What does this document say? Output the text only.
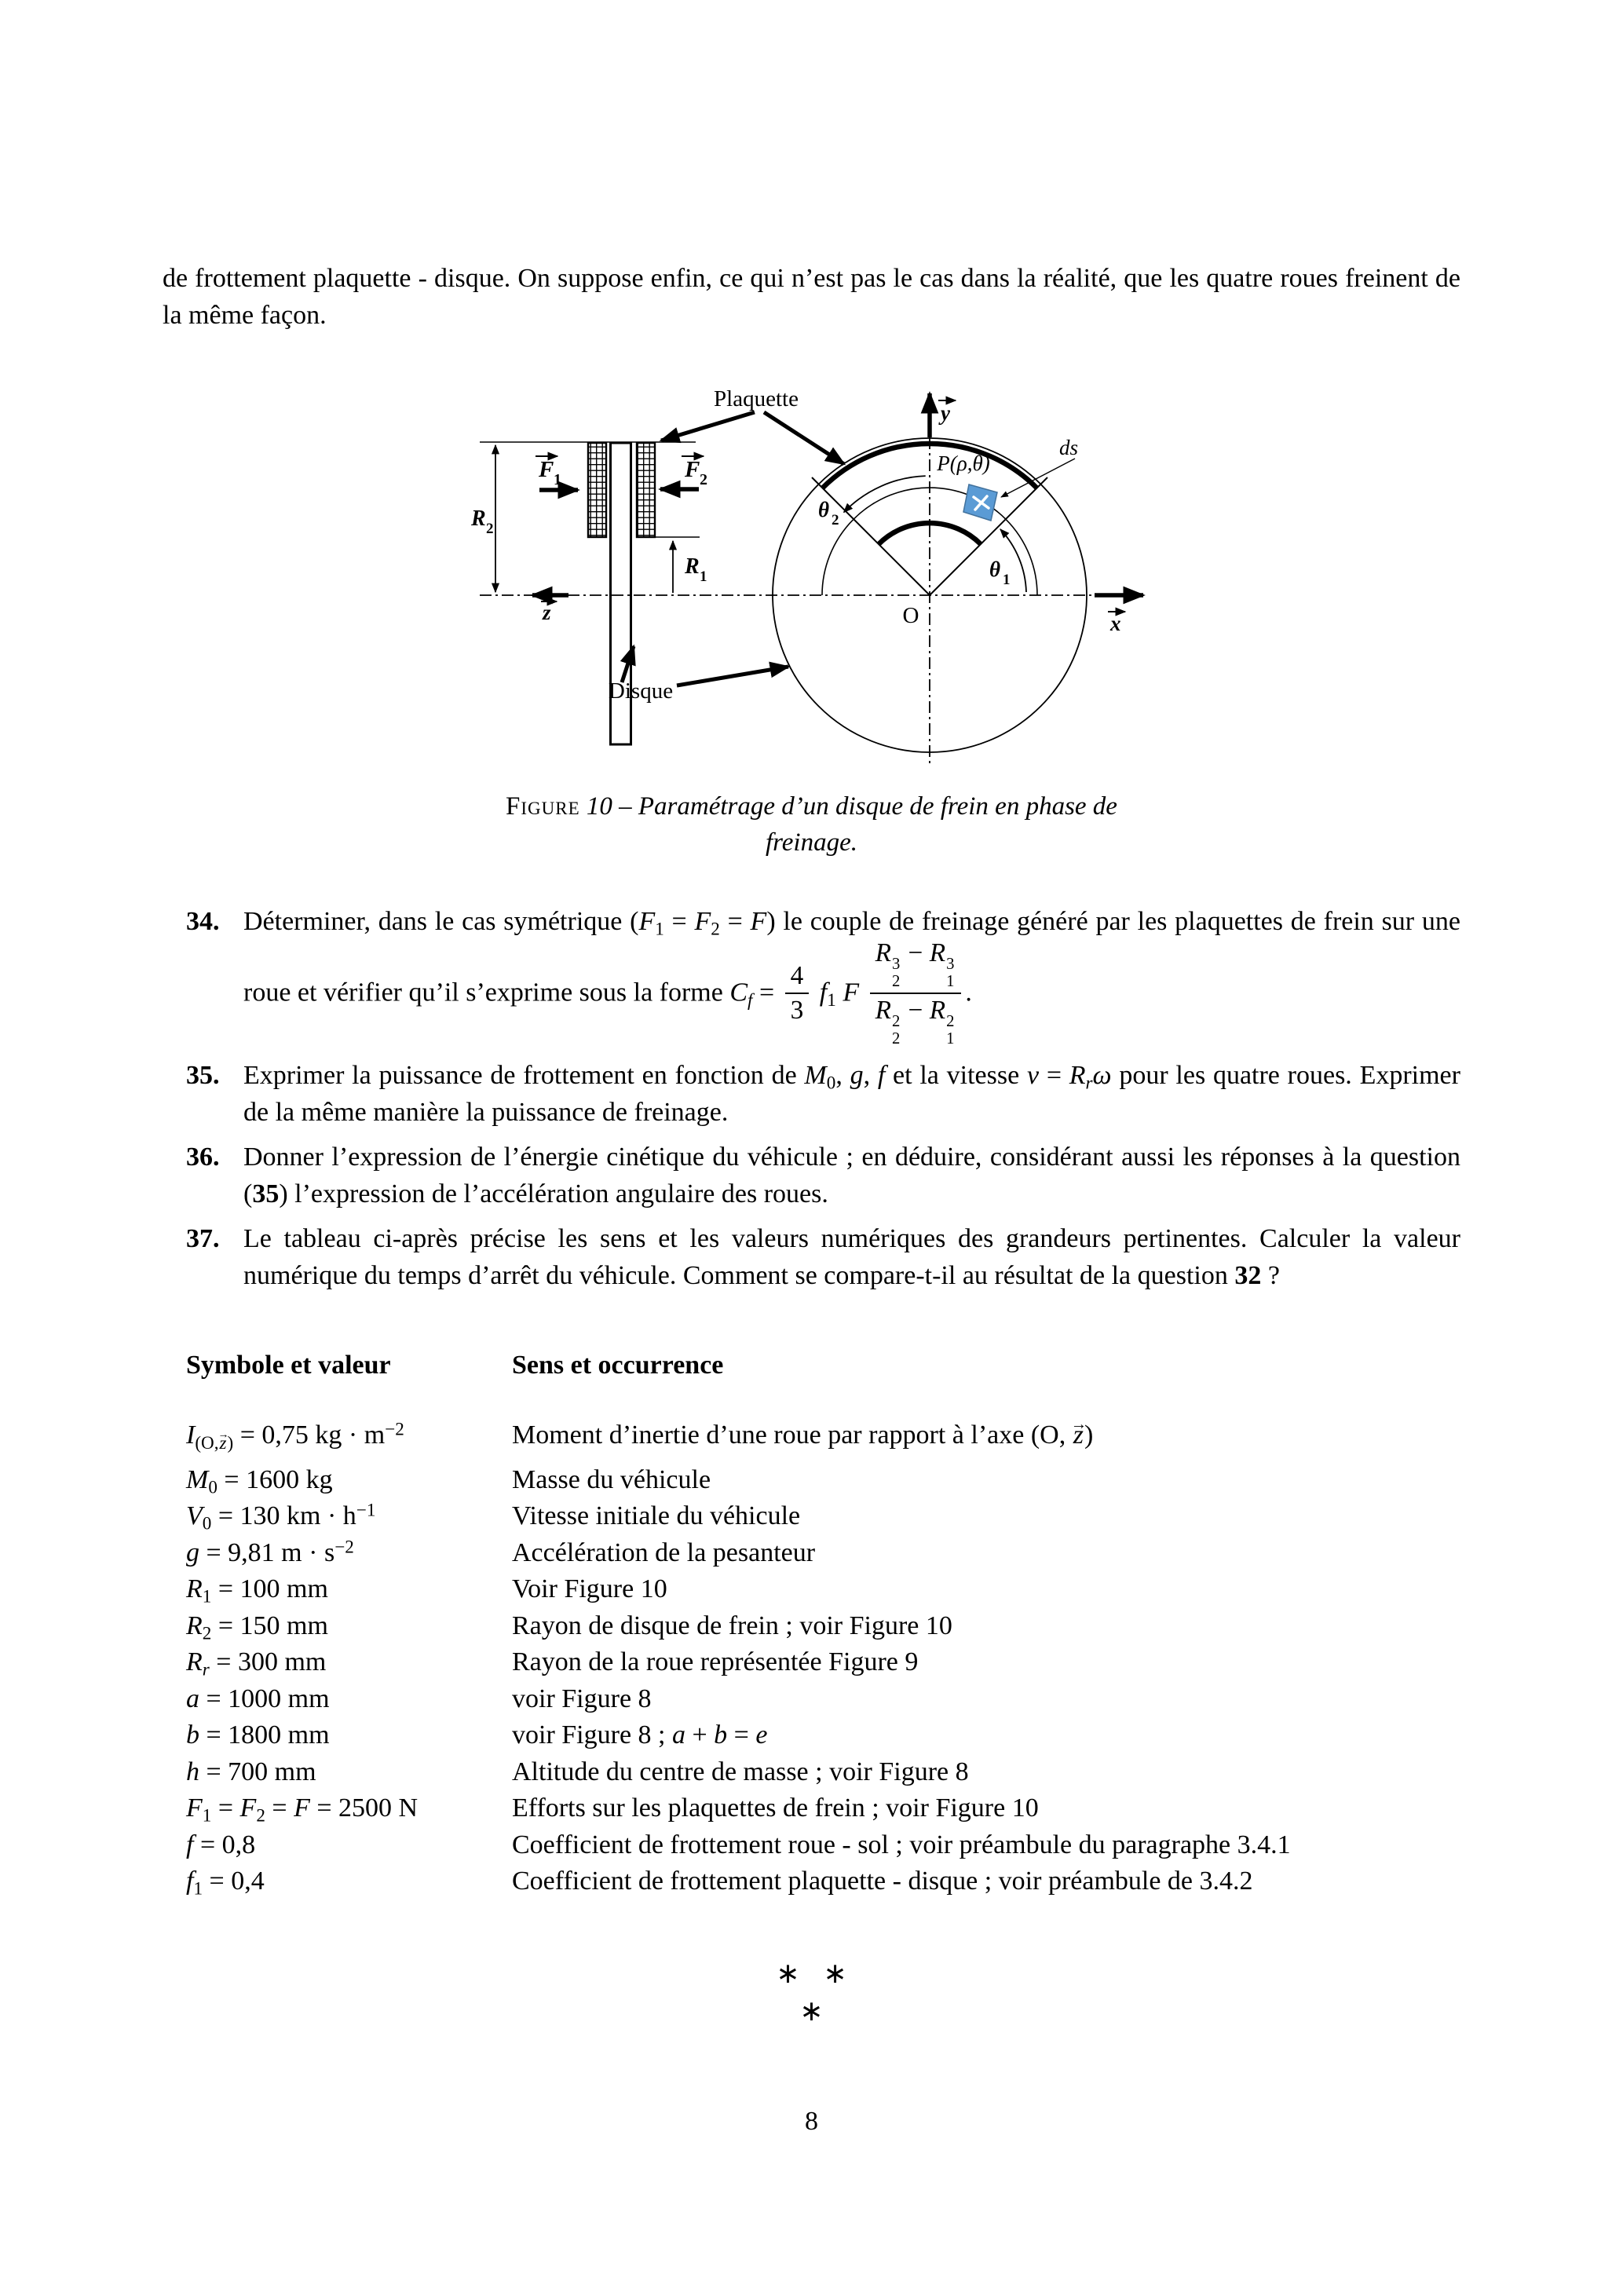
de frottement plaquette - disque. On suppose enfin, ce qui n’est pas le cas dans la réalité, que les quatre roues freinent de la même façon.

R 2
R 1
F 1	F 2
z	x
y
θ 1
θ 2
O
P(ρ,θ)
ds
Plaquette
Disque
Figure 10 – Paramétrage d’un disque de frein en phase de freinage.
34. Déterminer, dans le cas symétrique $(F_1 = F_2 = F)$ le couple de freinage généré par les plaquettes de frein sur une roue et vérifier qu’il s’exprime sous la forme $C_f = \frac{4}{3} f_1$ F R 3
2
− R 3
1
R 2
2
− R 2
1 .
35. Exprimer la puissance de frottement en fonction de $M_0$, g, f et la vitesse $v = R_r\omega$ pour les quatre roues. Exprimer de la même manière la puissance de freinage.
36. Donner l’expression de l’énergie cinétique du véhicule ; en déduire, considérant aussi les réponses à la question (35) l’expression de l’accélération angulaire des roues.
37. Le tableau ci-après précise les sens et les valeurs numériques des grandeurs pertinentes. Calculer la valeur numérique du temps d’arrêt du véhicule. Comment se compare-t-il au résultat de la question 32 ?
Symbole et valeur	Sens et occurrence
$I_{(O,z)} = 0,75$ kg · $m^{-2}$	Moment d’inertie d’une roue par rapport à l’axe (O, z →)
$M_0 = 1600$ kg	Masse du véhicule
$V_0 = 130$ km · $h^{-1}$	Vitesse initiale du véhicule
g = 9,81 $m \cdot s^{-2}$	Accélération de la pesanteur
$R_1 = 100$ mm	Voir Figure 10
$R_2 = 150$ mm	Rayon de disque de frein ; voir Figure 10
$R_r = 300$ mm	Rayon de la roue représentée Figure 9
a = 1000 mm	voir Figure 8
b = 1800 mm	voir Figure 8 ; a + b = e
h = 700 mm	Altitude du centre de masse ; voir Figure 8
$F_1 = F_2 = F = 2500$ N	Efforts sur les plaquettes de frein ; voir Figure 10
f = 0,8	Coefficient de frottement roue - sol ; voir préambule du paragraphe 3.4.1
$f_1 = 0,4$	Coefficient de frottement plaquette - disque ; voir préambule de 3.4.2
∗ ∗
∗
8
